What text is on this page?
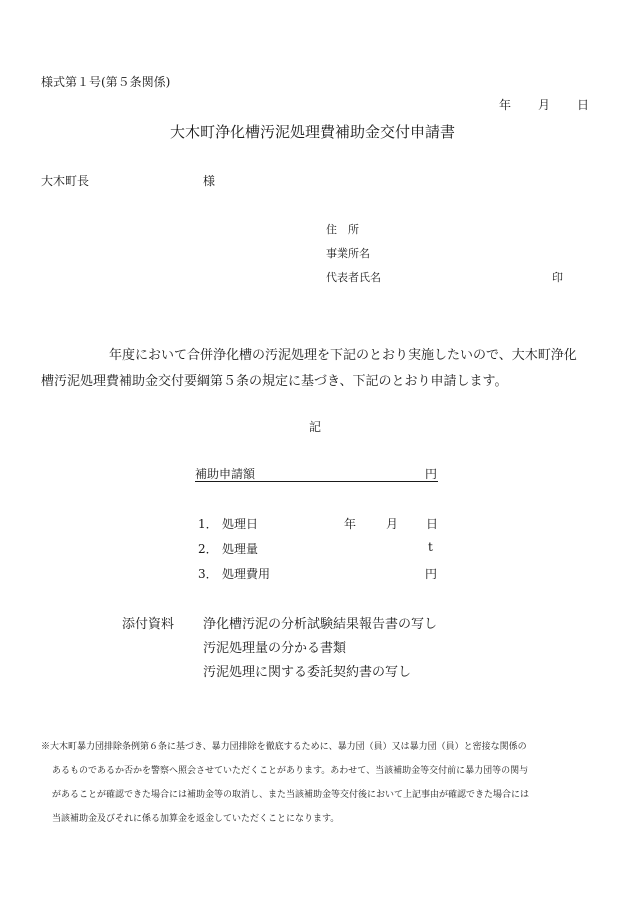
様式第１号(第５条関係)
年 月 日
大木町浄化槽汚泥処理費補助金交付申請書
大木町長	様
住　所
事業所名
代表者氏名	印
年度において合併浄化槽の汚泥処理を下記のとおり実施したいので、大木町浄化
槽汚泥処理費補助金交付要綱第５条の規定に基づき、下記のとおり申請します。
記
補助申請額	円
1． 処理日	年 月 日
2． 処理量	t
3． 処理費用	円
添付資料 浄化槽汚泥の分析試験結果報告書の写し
汚泥処理量の分かる書類
汚泥処理に関する委託契約書の写し
※大木町暴力団排除条例第６条に基づき、暴力団排除を徹底するために、暴力団（員）又は暴力団（員）と密接な関係の
あるものであるか否かを警察へ照会させていただくことがあります。あわせて、当該補助金等交付前に暴力団等の関与
があることが確認できた場合には補助金等の取消し、また当該補助金等交付後において上記事由が確認できた場合には
当該補助金及びそれに係る加算金を返金していただくことになります。
